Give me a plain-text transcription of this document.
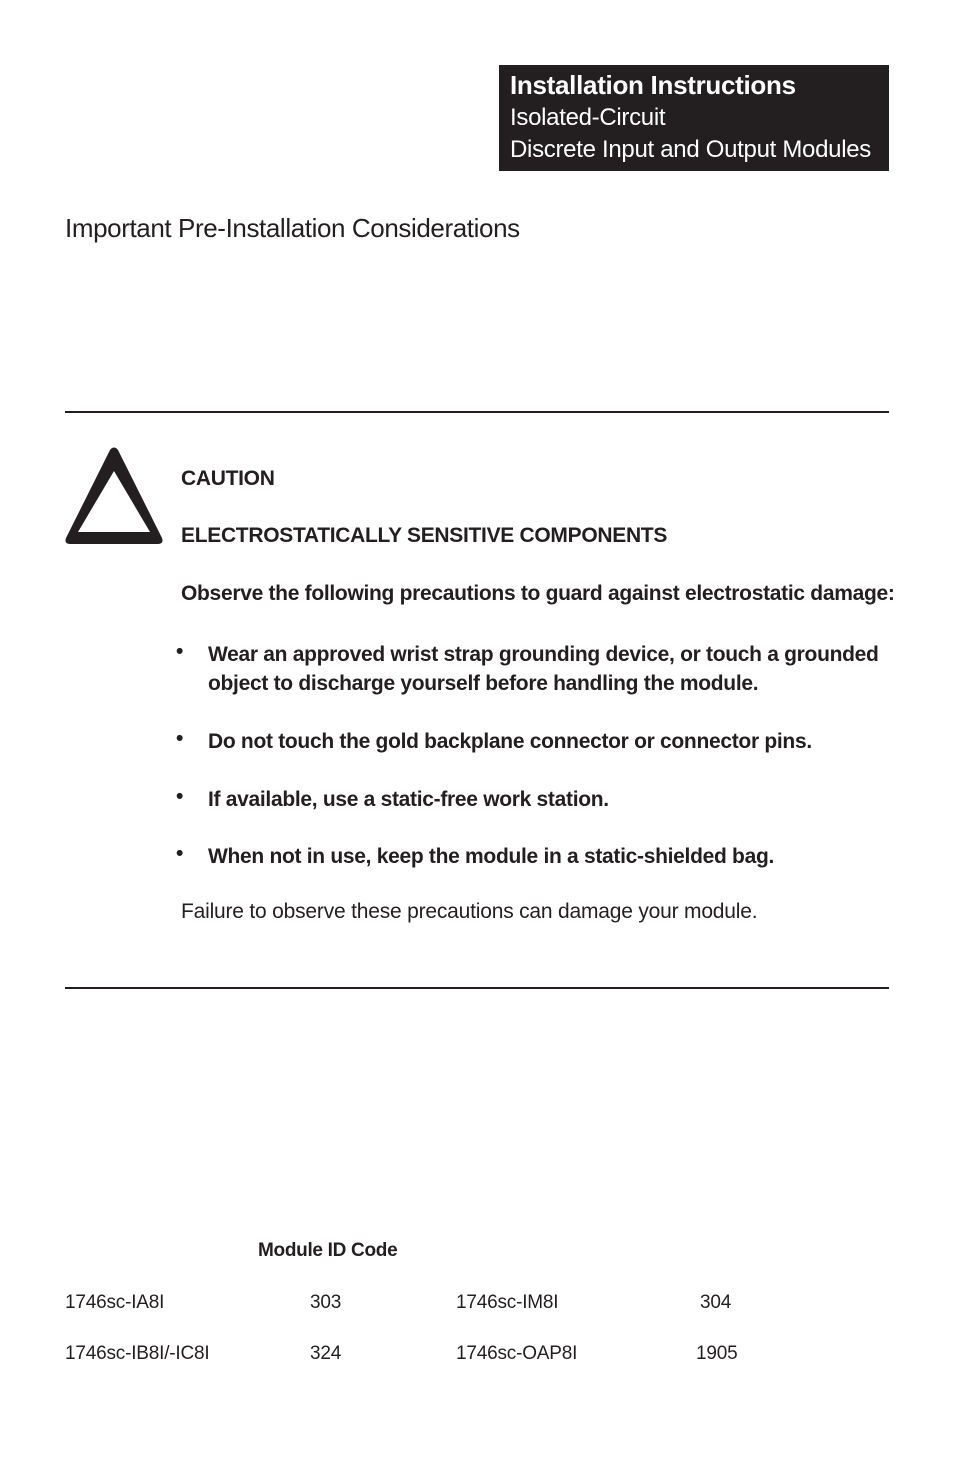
Installation Instructions
Isolated-Circuit
Discrete Input and Output Modules
Important Pre-Installation Considerations
CAUTION
ELECTROSTATICALLY SENSITIVE COMPONENTS
Observe the following precautions to guard against electrostatic damage:
• Wear an approved wrist strap grounding device, or touch a grounded
object to discharge yourself before handling the module.
• Do not touch the gold backplane connector or connector pins.
• If available, use a static-free work station.
• When not in use, keep the module in a static-shielded bag.
Failure to observe these precautions can damage your module.
Module ID Code
1746sc-IA8I	303	1746sc-IM8I	304
1746sc-IB8I/-IC8I	324	1746sc-OAP8I	1905
